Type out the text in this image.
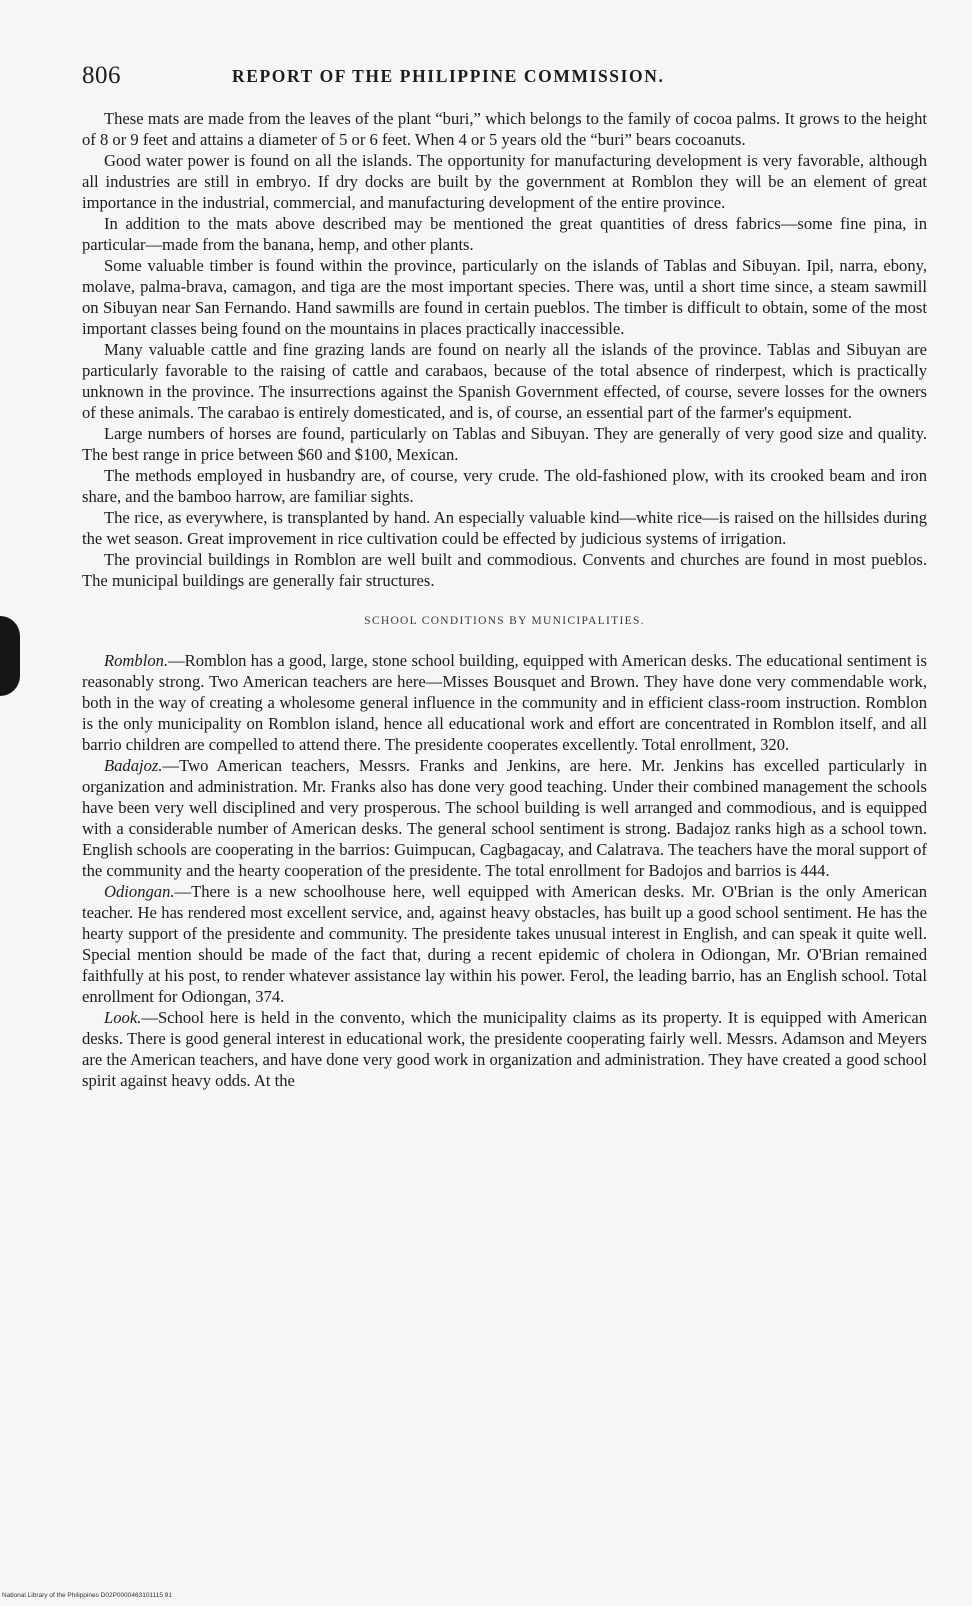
806	REPORT OF THE PHILIPPINE COMMISSION.

These mats are made from the leaves of the plant “buri,” which belongs to the family of cocoa palms. It grows to the height of 8 or 9 feet and attains a diameter of 5 or 6 feet. When 4 or 5 years old the “buri” bears cocoanuts.

Good water power is found on all the islands. The opportunity for manufacturing development is very favorable, although all industries are still in embryo. If dry docks are built by the government at Romblon they will be an element of great importance in the industrial, commercial, and manufacturing development of the entire province.

In addition to the mats above described may be mentioned the great quantities of dress fabrics—some fine pina, in particular—made from the banana, hemp, and other plants.

Some valuable timber is found within the province, particularly on the islands of Tablas and Sibuyan. Ipil, narra, ebony, molave, palma-brava, camagon, and tiga are the most important species. There was, until a short time since, a steam sawmill on Sibuyan near San Fernando. Hand sawmills are found in certain pueblos. The timber is difficult to obtain, some of the most important classes being found on the mountains in places practically inaccessible.

Many valuable cattle and fine grazing lands are found on nearly all the islands of the province. Tablas and Sibuyan are particularly favorable to the raising of cattle and carabaos, because of the total absence of rinderpest, which is practically unknown in the province. The insurrections against the Spanish Government effected, of course, severe losses for the owners of these animals. The carabao is entirely domesticated, and is, of course, an essential part of the farmer's equipment.

Large numbers of horses are found, particularly on Tablas and Sibuyan. They are generally of very good size and quality. The best range in price between $60 and $100, Mexican.

The methods employed in husbandry are, of course, very crude. The old-fashioned plow, with its crooked beam and iron share, and the bamboo harrow, are familiar sights.

The rice, as everywhere, is transplanted by hand. An especially valuable kind—white rice—is raised on the hillsides during the wet season. Great improvement in rice cultivation could be effected by judicious systems of irrigation.

The provincial buildings in Romblon are well built and commodious. Convents and churches are found in most pueblos. The municipal buildings are generally fair structures.

SCHOOL CONDITIONS BY MUNICIPALITIES.

Romblon.—Romblon has a good, large, stone school building, equipped with American desks. The educational sentiment is reasonably strong. Two American teachers are here—Misses Bousquet and Brown. They have done very commendable work, both in the way of creating a wholesome general influence in the community and in efficient class-room instruction. Romblon is the only municipality on Romblon island, hence all educational work and effort are concentrated in Romblon itself, and all barrio children are compelled to attend there. The presidente cooperates excellently. Total enrollment, 320.

Badajoz.—Two American teachers, Messrs. Franks and Jenkins, are here. Mr. Jenkins has excelled particularly in organization and administration. Mr. Franks also has done very good teaching. Under their combined management the schools have been very well disciplined and very prosperous. The school building is well arranged and commodious, and is equipped with a considerable number of American desks. The general school sentiment is strong. Badajoz ranks high as a school town. English schools are cooperating in the barrios: Guimpucan, Cagbagacay, and Calatrava. The teachers have the moral support of the community and the hearty cooperation of the presidente. The total enrollment for Badojos and barrios is 444.

Odiongan.—There is a new schoolhouse here, well equipped with American desks. Mr. O'Brian is the only American teacher. He has rendered most excellent service, and, against heavy obstacles, has built up a good school sentiment. He has the hearty support of the presidente and community. The presidente takes unusual interest in English, and can speak it quite well. Special mention should be made of the fact that, during a recent epidemic of cholera in Odiongan, Mr. O'Brian remained faithfully at his post, to render whatever assistance lay within his power. Ferol, the leading barrio, has an English school. Total enrollment for Odiongan, 374.

Look.—School here is held in the convento, which the municipality claims as its property. It is equipped with American desks. There is good general interest in educational work, the presidente cooperating fairly well. Messrs. Adamson and Meyers are the American teachers, and have done very good work in organization and administration. They have created a good school spirit against heavy odds. At the

National Library of the Philippines D02P0000463101115 91
